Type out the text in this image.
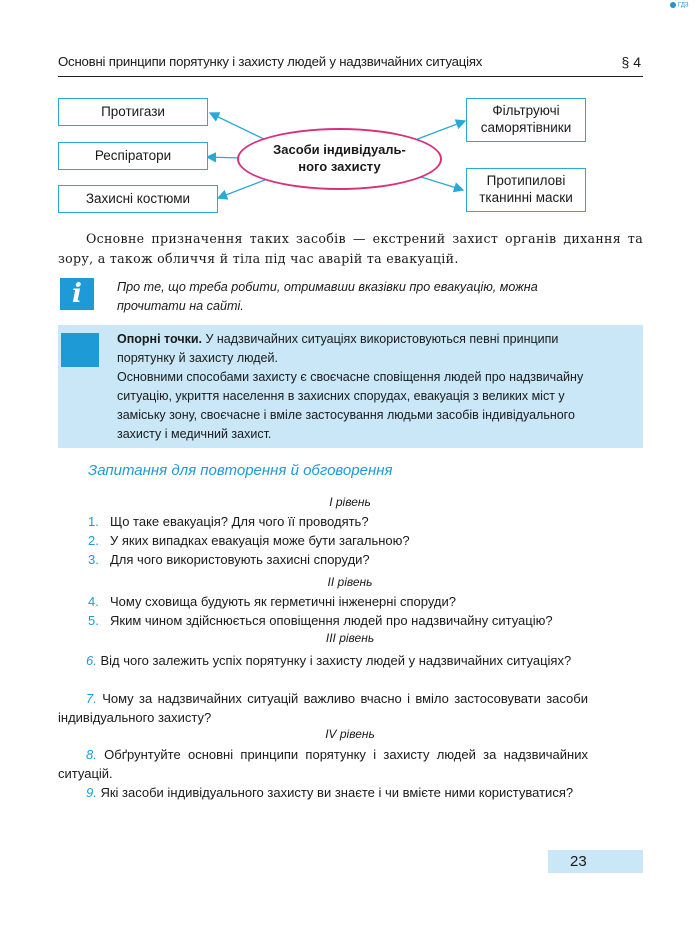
ГДЗ
Основні принципи порятунку і захисту людей у надзвичайних ситуаціях	§ 4
Протигази
Респіратори
Захисні костюми
Фільтруючі
саморятівники
Протипилові
тканинні маски
Засоби індивідуаль-
ного захисту
Основне призначення таких засобів — екстрений захист органів дихання та зору, а також обличчя й тіла під час аварій та евакуацій.
i	Про те, що треба робити, отримавши вказівки про евакуацію, можна прочитати на сайті.
Опорні точки. У надзвичайних ситуаціях використовуються певні принципи порятунку й захисту людей.
Основними способами захисту є своєчасне сповіщення людей про надзвичайну ситуацію, укриття населення в захисних спорудах, евакуація з великих міст у заміську зону, своєчасне і вміле застосування людьми засобів індивідуального захисту і медичний захист.
Запитання для повторення й обговорення
I рівень
1. Що таке евакуація? Для чого її проводять?
2. У яких випадках евакуація може бути загальною?
3. Для чого використовують захисні споруди?
II рівень
4. Чому сховища будують як герметичні інженерні споруди?
5. Яким чином здійснюється оповіщення людей про надзвичайну ситуацію?
III рівень
6. Від чого залежить успіх порятунку і захисту людей у надзвичайних ситуаціях?
7. Чому за надзвичайних ситуацій важливо вчасно і вміло застосовувати засоби індивідуального захисту?
IV рівень
8. Обґрунтуйте основні принципи порятунку і захисту людей за надзвичайних ситуацій.
9. Які засоби індивідуального захисту ви знаєте і чи вмієте ними користуватися?
23
